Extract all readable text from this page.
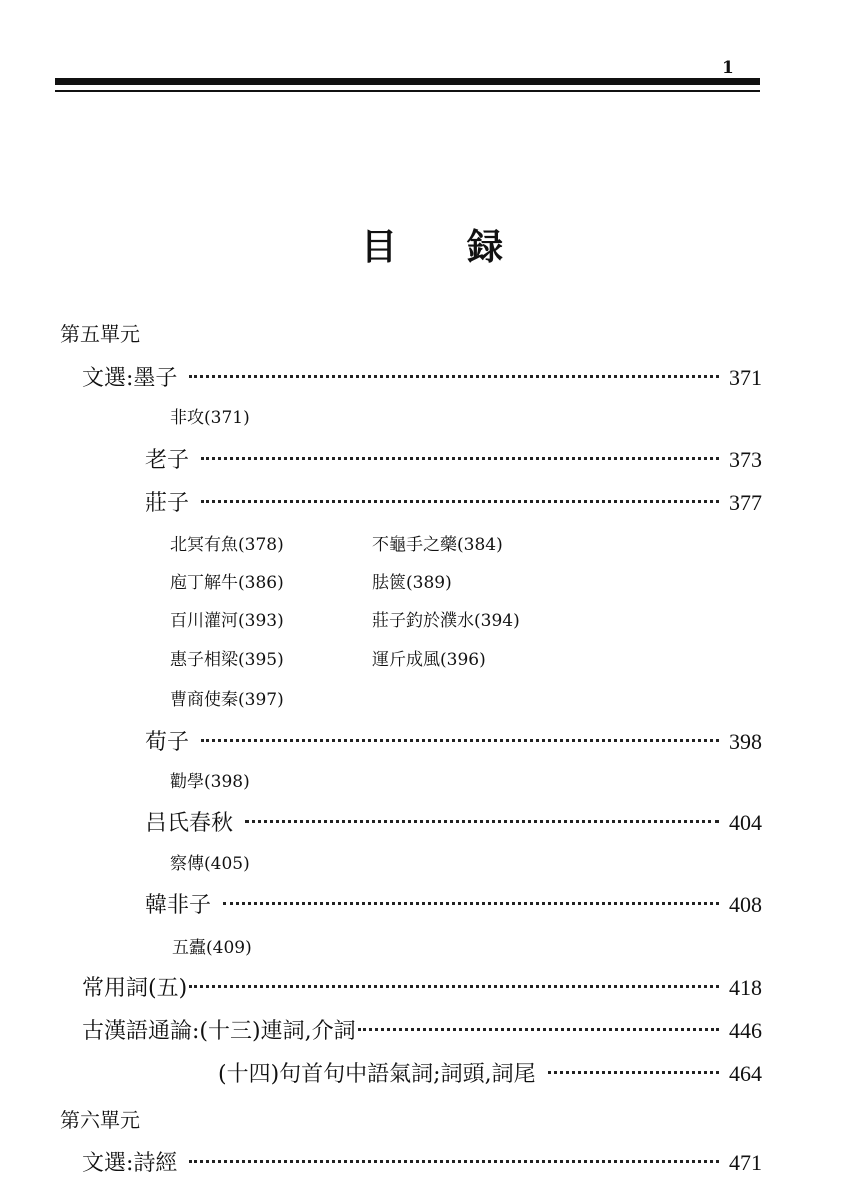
1
目録
第五單元
文選:墨子	371
非攻(371)
老子	373
莊子	377
北冥有魚(378)	不龜手之藥(384)
庖丁解牛(386)	胠篋(389)
百川灌河(393)	莊子釣於濮水(394)
惠子相梁(395)	運斤成風(396)
曹商使秦(397)
荀子	398
勸學(398)
吕氏春秋	404
察傳(405)
韓非子	408
五蠹(409)
常用詞(五)	418
古漢語通論:(十三)連詞,介詞	446
(十四)句首句中語氣詞;詞頭,詞尾	464
第六單元
文選:詩經	471
